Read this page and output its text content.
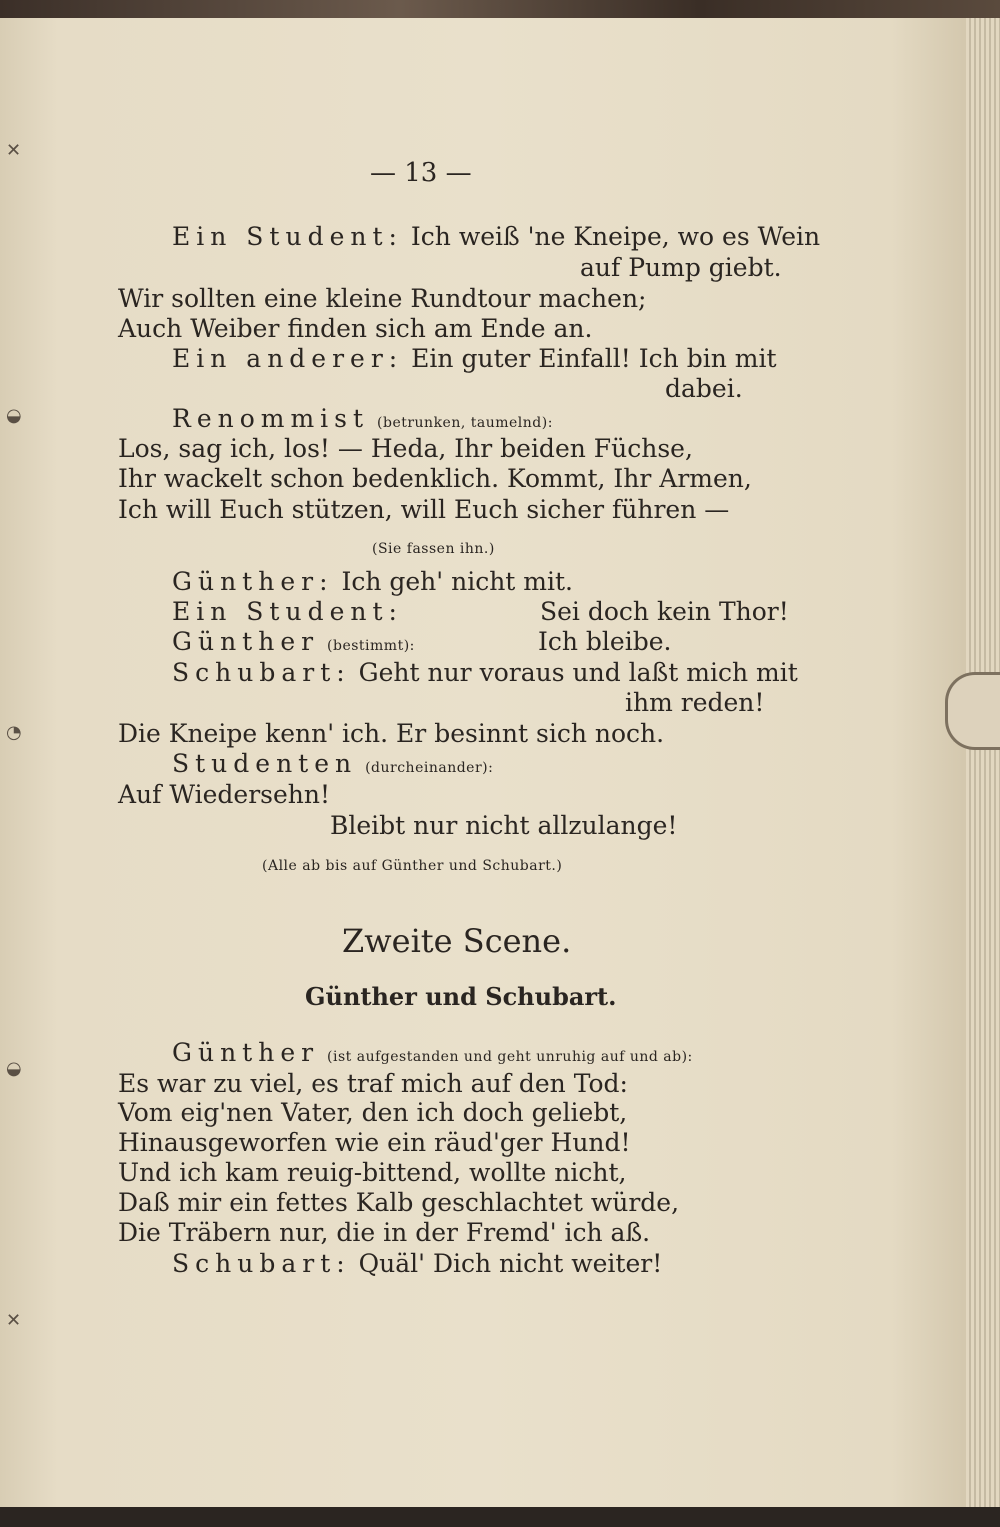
✕
◒
◔
◒
✕
— 13 —
Ein Student: Ich weiß 'ne Kneipe, wo es Wein
auf Pump giebt.
Wir sollten eine kleine Rundtour machen;
Auch Weiber finden sich am Ende an.
Ein anderer: Ein guter Einfall! Ich bin mit
dabei.
Renommist (betrunken, taumelnd):
Los, sag ich, los! — Heda, Ihr beiden Füchse,
Ihr wackelt schon bedenklich. Kommt, Ihr Armen,
Ich will Euch stützen, will Euch sicher führen —
(Sie fassen ihn.)
Günther: Ich geh' nicht mit.
Ein Student:	Sei doch kein Thor!
Günther (bestimmt):	Ich bleibe.
Schubart: Geht nur voraus und laßt mich mit
ihm reden!
Die Kneipe kenn' ich. Er besinnt sich noch.
Studenten (durcheinander):
Auf Wiedersehn!
Bleibt nur nicht allzulange!
(Alle ab bis auf Günther und Schubart.)
Zweite Scene.
Günther und Schubart.
Günther (ist aufgestanden und geht unruhig auf und ab):
Es war zu viel, es traf mich auf den Tod:
Vom eig'nen Vater, den ich doch geliebt,
Hinausgeworfen wie ein räud'ger Hund!
Und ich kam reuig-bittend, wollte nicht,
Daß mir ein fettes Kalb geschlachtet würde,
Die Träbern nur, die in der Fremd' ich aß.
Schubart: Quäl' Dich nicht weiter!
